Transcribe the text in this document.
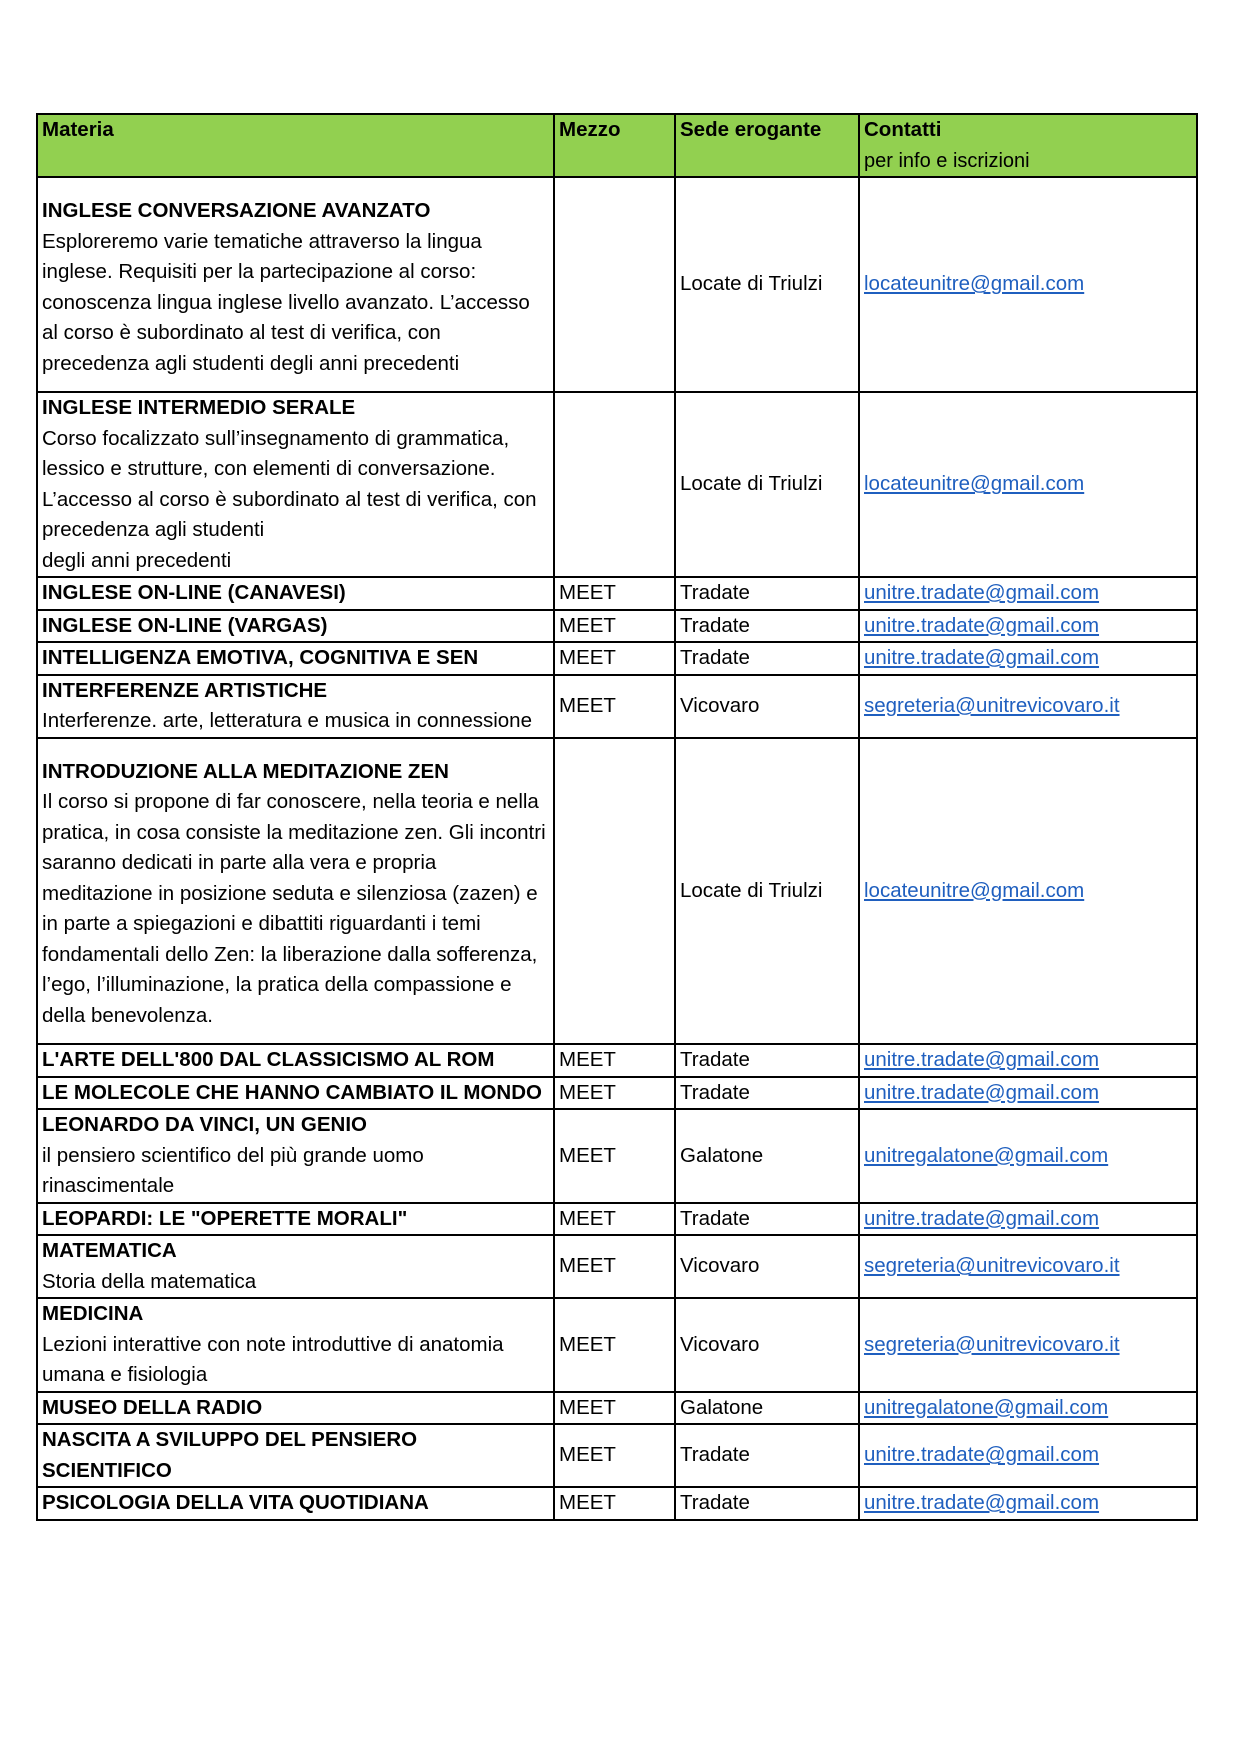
Materia	Mezzo	Sede erogante	Contatti
per info e iscrizioni

INGLESE CONVERSAZIONE AVANZATO
Esploreremo varie tematiche attraverso la lingua inglese. Requisiti per la partecipazione al corso: conoscenza lingua inglese livello avanzato. L’accesso al corso è subordinato al test di verifica, con precedenza agli studenti degli anni precedenti		Locate di Triulzi	locateunitre@gmail.com

INGLESE INTERMEDIO SERALE
Corso focalizzato sull’insegnamento di grammatica, lessico e strutture, con elementi di conversazione. L’accesso al corso è subordinato al test di verifica, con precedenza agli studenti
degli anni precedenti		Locate di Triulzi	locateunitre@gmail.com

INGLESE ON-LINE (CANAVESI)	MEET	Tradate	unitre.tradate@gmail.com

INGLESE ON-LINE (VARGAS)	MEET	Tradate	unitre.tradate@gmail.com

INTELLIGENZA EMOTIVA, COGNITIVA E SEN	MEET	Tradate	unitre.tradate@gmail.com

INTERFERENZE ARTISTICHE
Interferenze. arte, letteratura e musica in connessione	MEET	Vicovaro	segreteria@unitrevicovaro.it

INTRODUZIONE ALLA MEDITAZIONE ZEN
Il corso si propone di far conoscere, nella teoria e nella pratica, in cosa consiste la meditazione zen. Gli incontri saranno dedicati in parte alla vera e propria meditazione in posizione seduta e silenziosa (zazen) e in parte a spiegazioni e dibattiti riguardanti i temi fondamentali dello Zen: la liberazione dalla sofferenza, l’ego, l’illuminazione, la pratica della compassione e della benevolenza.		Locate di Triulzi	locateunitre@gmail.com

L'ARTE DELL'800 DAL CLASSICISMO AL ROM	MEET	Tradate	unitre.tradate@gmail.com

LE MOLECOLE CHE HANNO CAMBIATO IL MONDO	MEET	Tradate	unitre.tradate@gmail.com

LEONARDO DA VINCI, UN GENIO
il pensiero scientifico del più grande uomo rinascimentale	MEET	Galatone	unitregalatone@gmail.com

LEOPARDI: LE "OPERETTE MORALI"	MEET	Tradate	unitre.tradate@gmail.com

MATEMATICA
Storia della matematica	MEET	Vicovaro	segreteria@unitrevicovaro.it

MEDICINA
Lezioni interattive con note introduttive di anatomia umana e fisiologia	MEET	Vicovaro	segreteria@unitrevicovaro.it

MUSEO DELLA RADIO	MEET	Galatone	unitregalatone@gmail.com

NASCITA A SVILUPPO DEL PENSIERO SCIENTIFICO	MEET	Tradate	unitre.tradate@gmail.com

PSICOLOGIA DELLA VITA QUOTIDIANA	MEET	Tradate	unitre.tradate@gmail.com
